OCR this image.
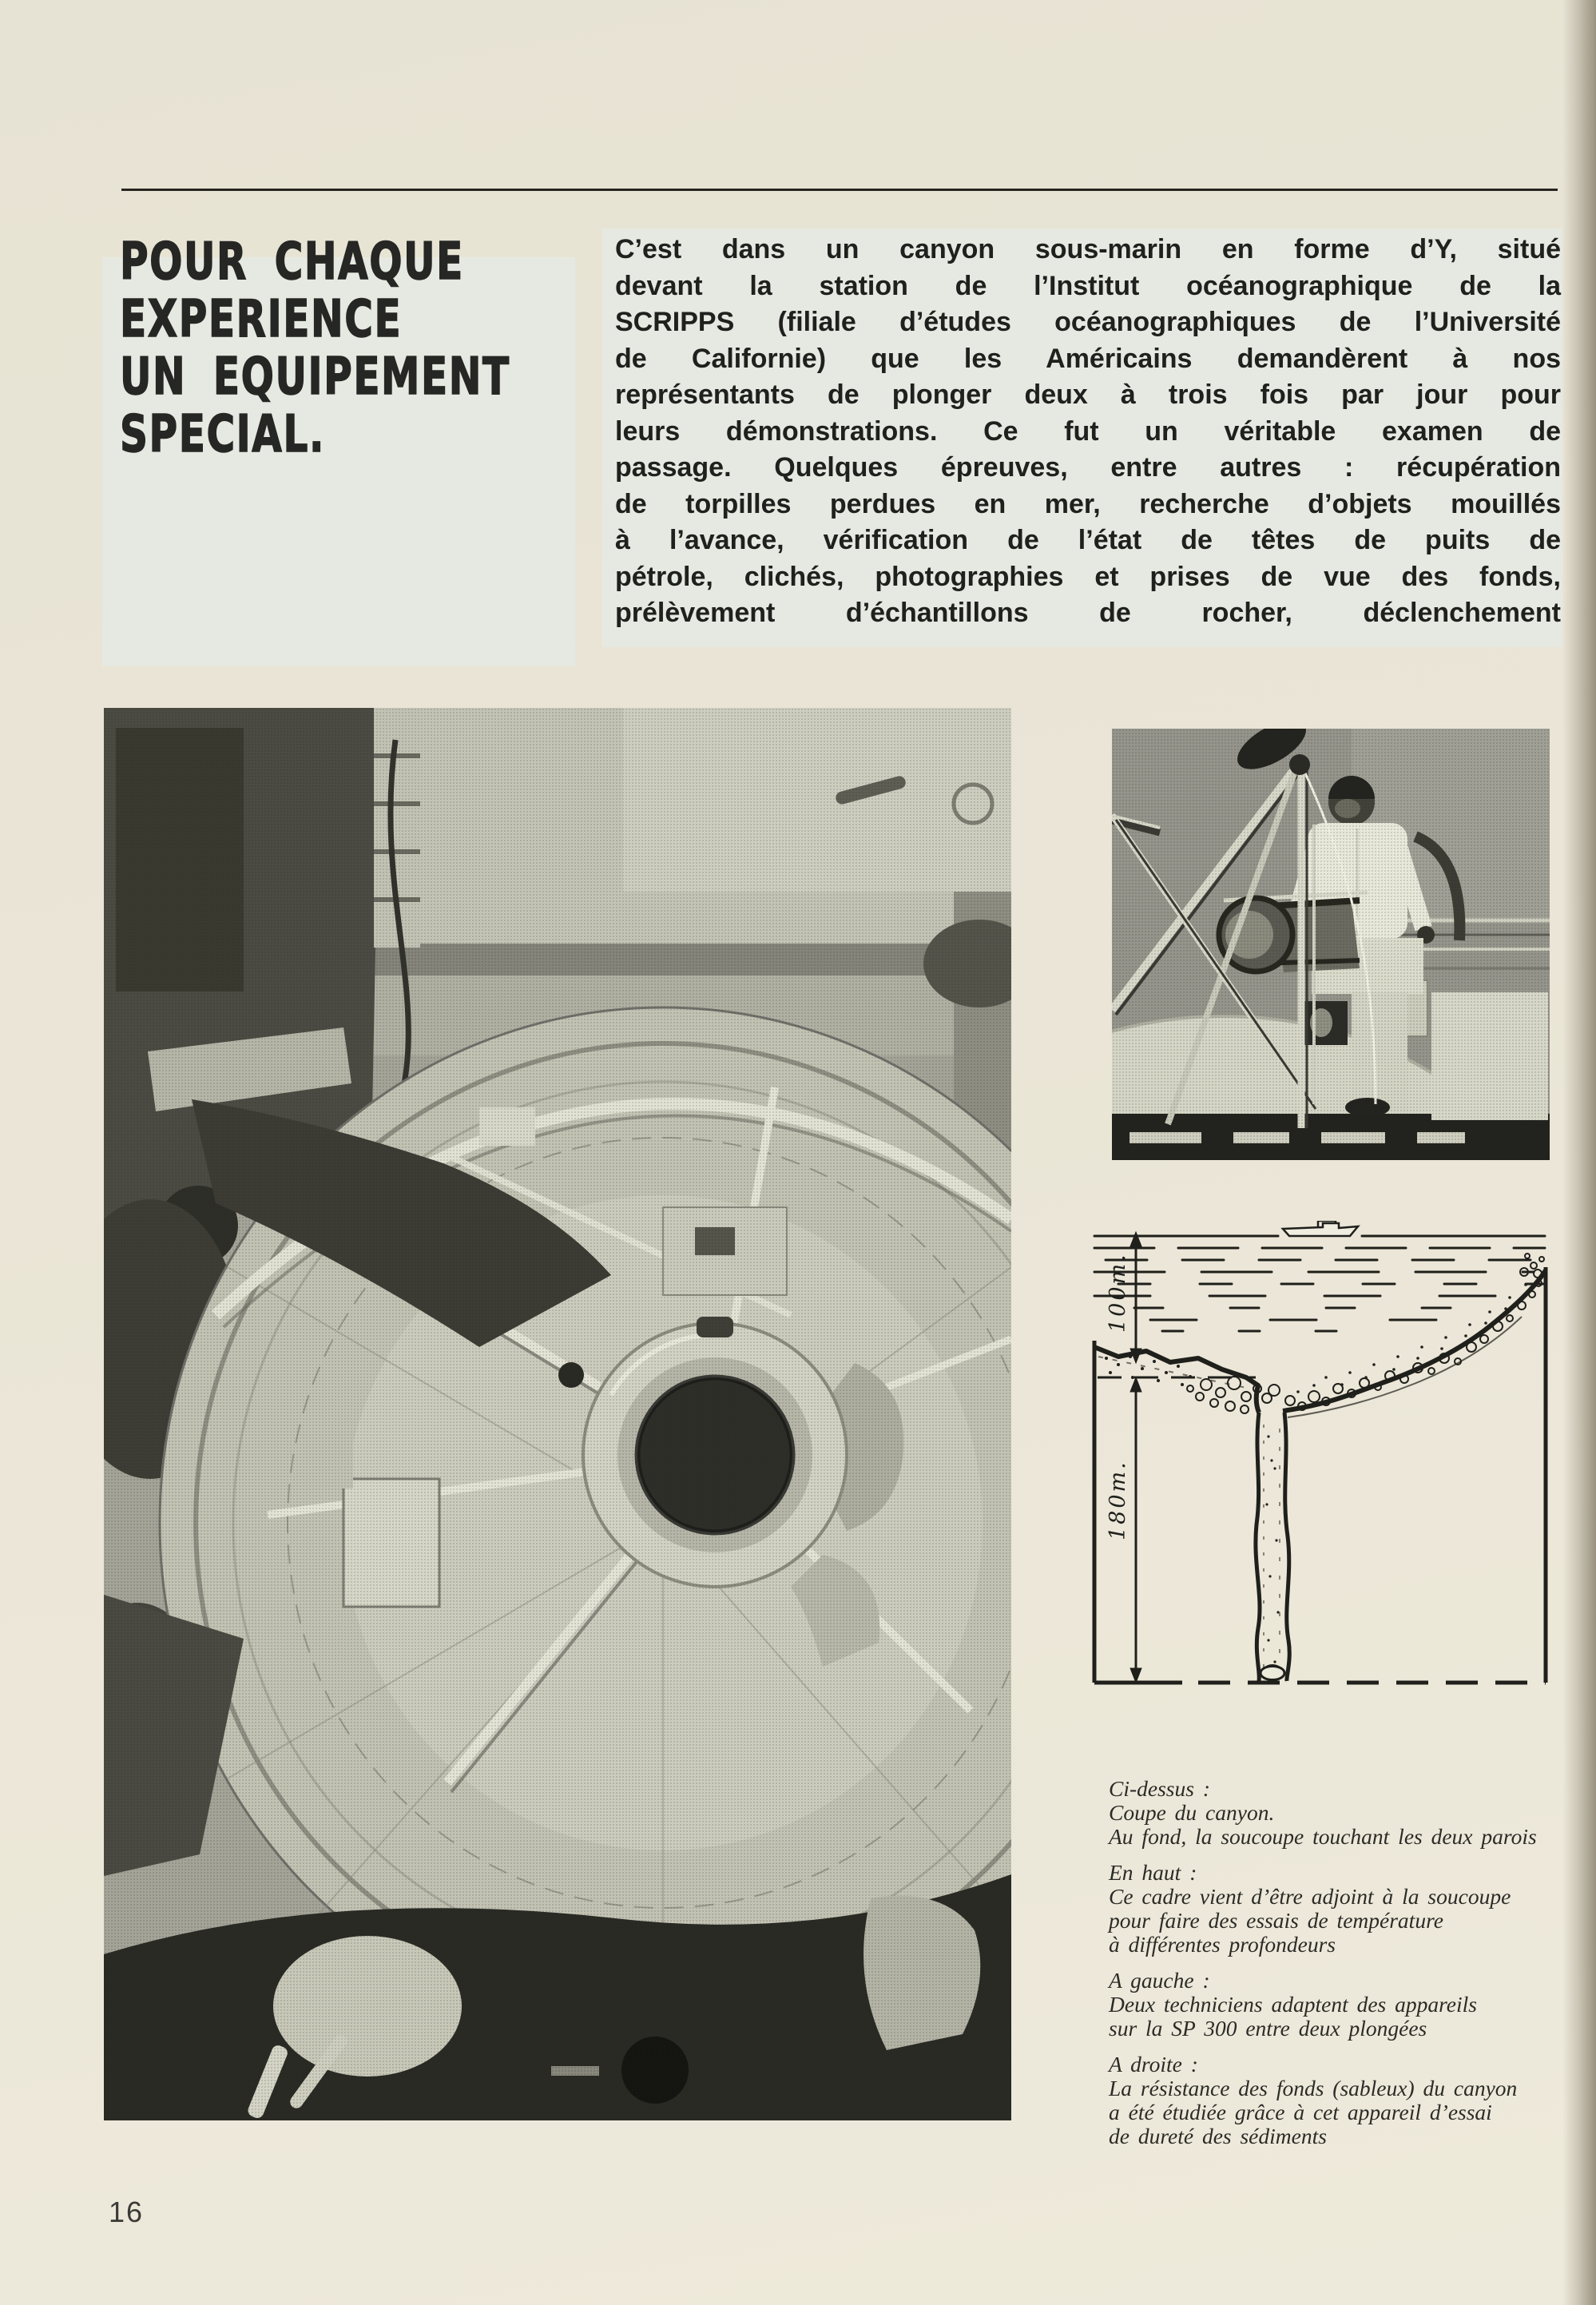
POUR CHAQUE
EXPERIENCE
UN EQUIPEMENT
SPECIAL.
C’est dans un canyon sous-marin en forme d’Y, situé
devant la station de l’Institut océanographique de la
SCRIPPS (filiale d’études océanographiques de l’Université
de Californie) que les Américains demandèrent à nos
représentants de plonger deux à trois fois par jour pour
leurs démonstrations. Ce fut un véritable examen de
passage. Quelques épreuves, entre autres : récupération
de torpilles perdues en mer, recherche d’objets mouillés
à l’avance, vérification de l’état de têtes de puits de
pétrole, clichés, photographies et prises de vue des fonds,
prélèvement d’échantillons de rocher, déclenchement
100m.
180m.
Ci-dessus :
Coupe du canyon.
Au fond, la soucoupe touchant les deux parois
En haut :
Ce cadre vient d’être adjoint à la soucoupe
pour faire des essais de température
à différentes profondeurs
A gauche :
Deux techniciens adaptent des appareils
sur la SP 300 entre deux plongées
A droite :
La résistance des fonds (sableux) du canyon
a été étudiée grâce à cet appareil d’essai
de dureté des sédiments
16
